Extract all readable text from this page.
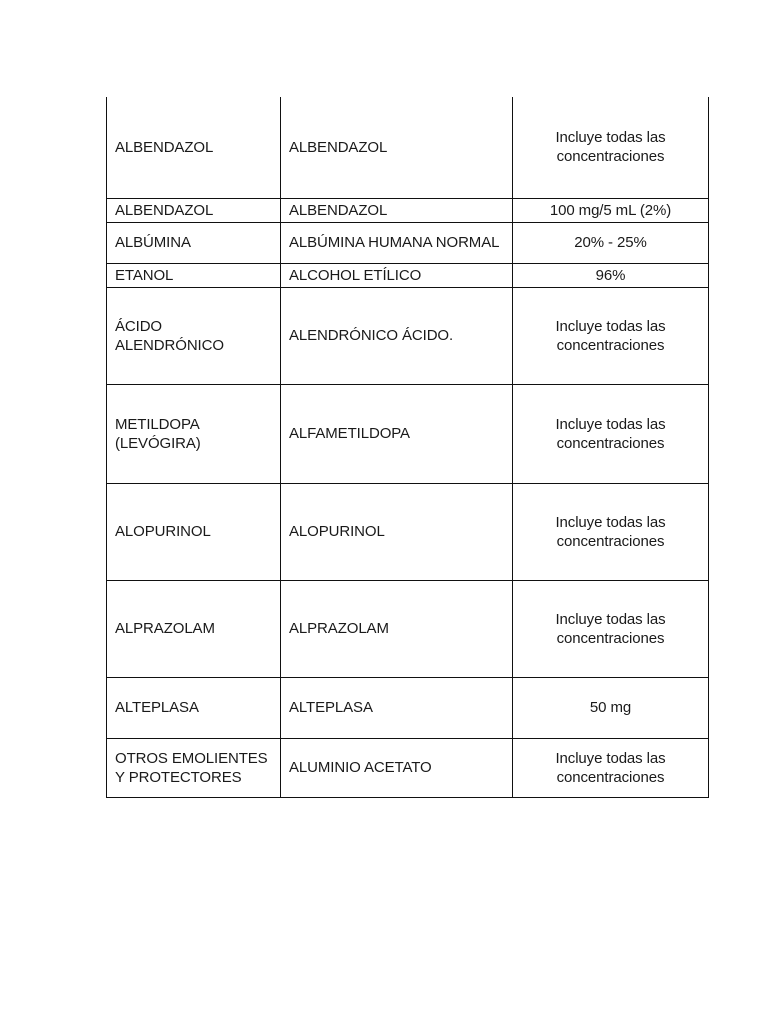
ALBENDAZOL	ALBENDAZOL	Incluye todas las concentraciones
ALBENDAZOL	ALBENDAZOL	100 mg/5 mL (2%)
ALBÚMINA	ALBÚMINA HUMANA NORMAL	20% - 25%
ETANOL	ALCOHOL ETÍLICO	96%
ÁCIDO ALENDRÓNICO	ALENDRÓNICO ÁCIDO.	Incluye todas las concentraciones
METILDOPA (LEVÓGIRA)	ALFAMETILDOPA	Incluye todas las concentraciones
ALOPURINOL	ALOPURINOL	Incluye todas las concentraciones
ALPRAZOLAM	ALPRAZOLAM	Incluye todas las concentraciones
ALTEPLASA	ALTEPLASA	50 mg
OTROS EMOLIENTES Y PROTECTORES	ALUMINIO ACETATO	Incluye todas las concentraciones
